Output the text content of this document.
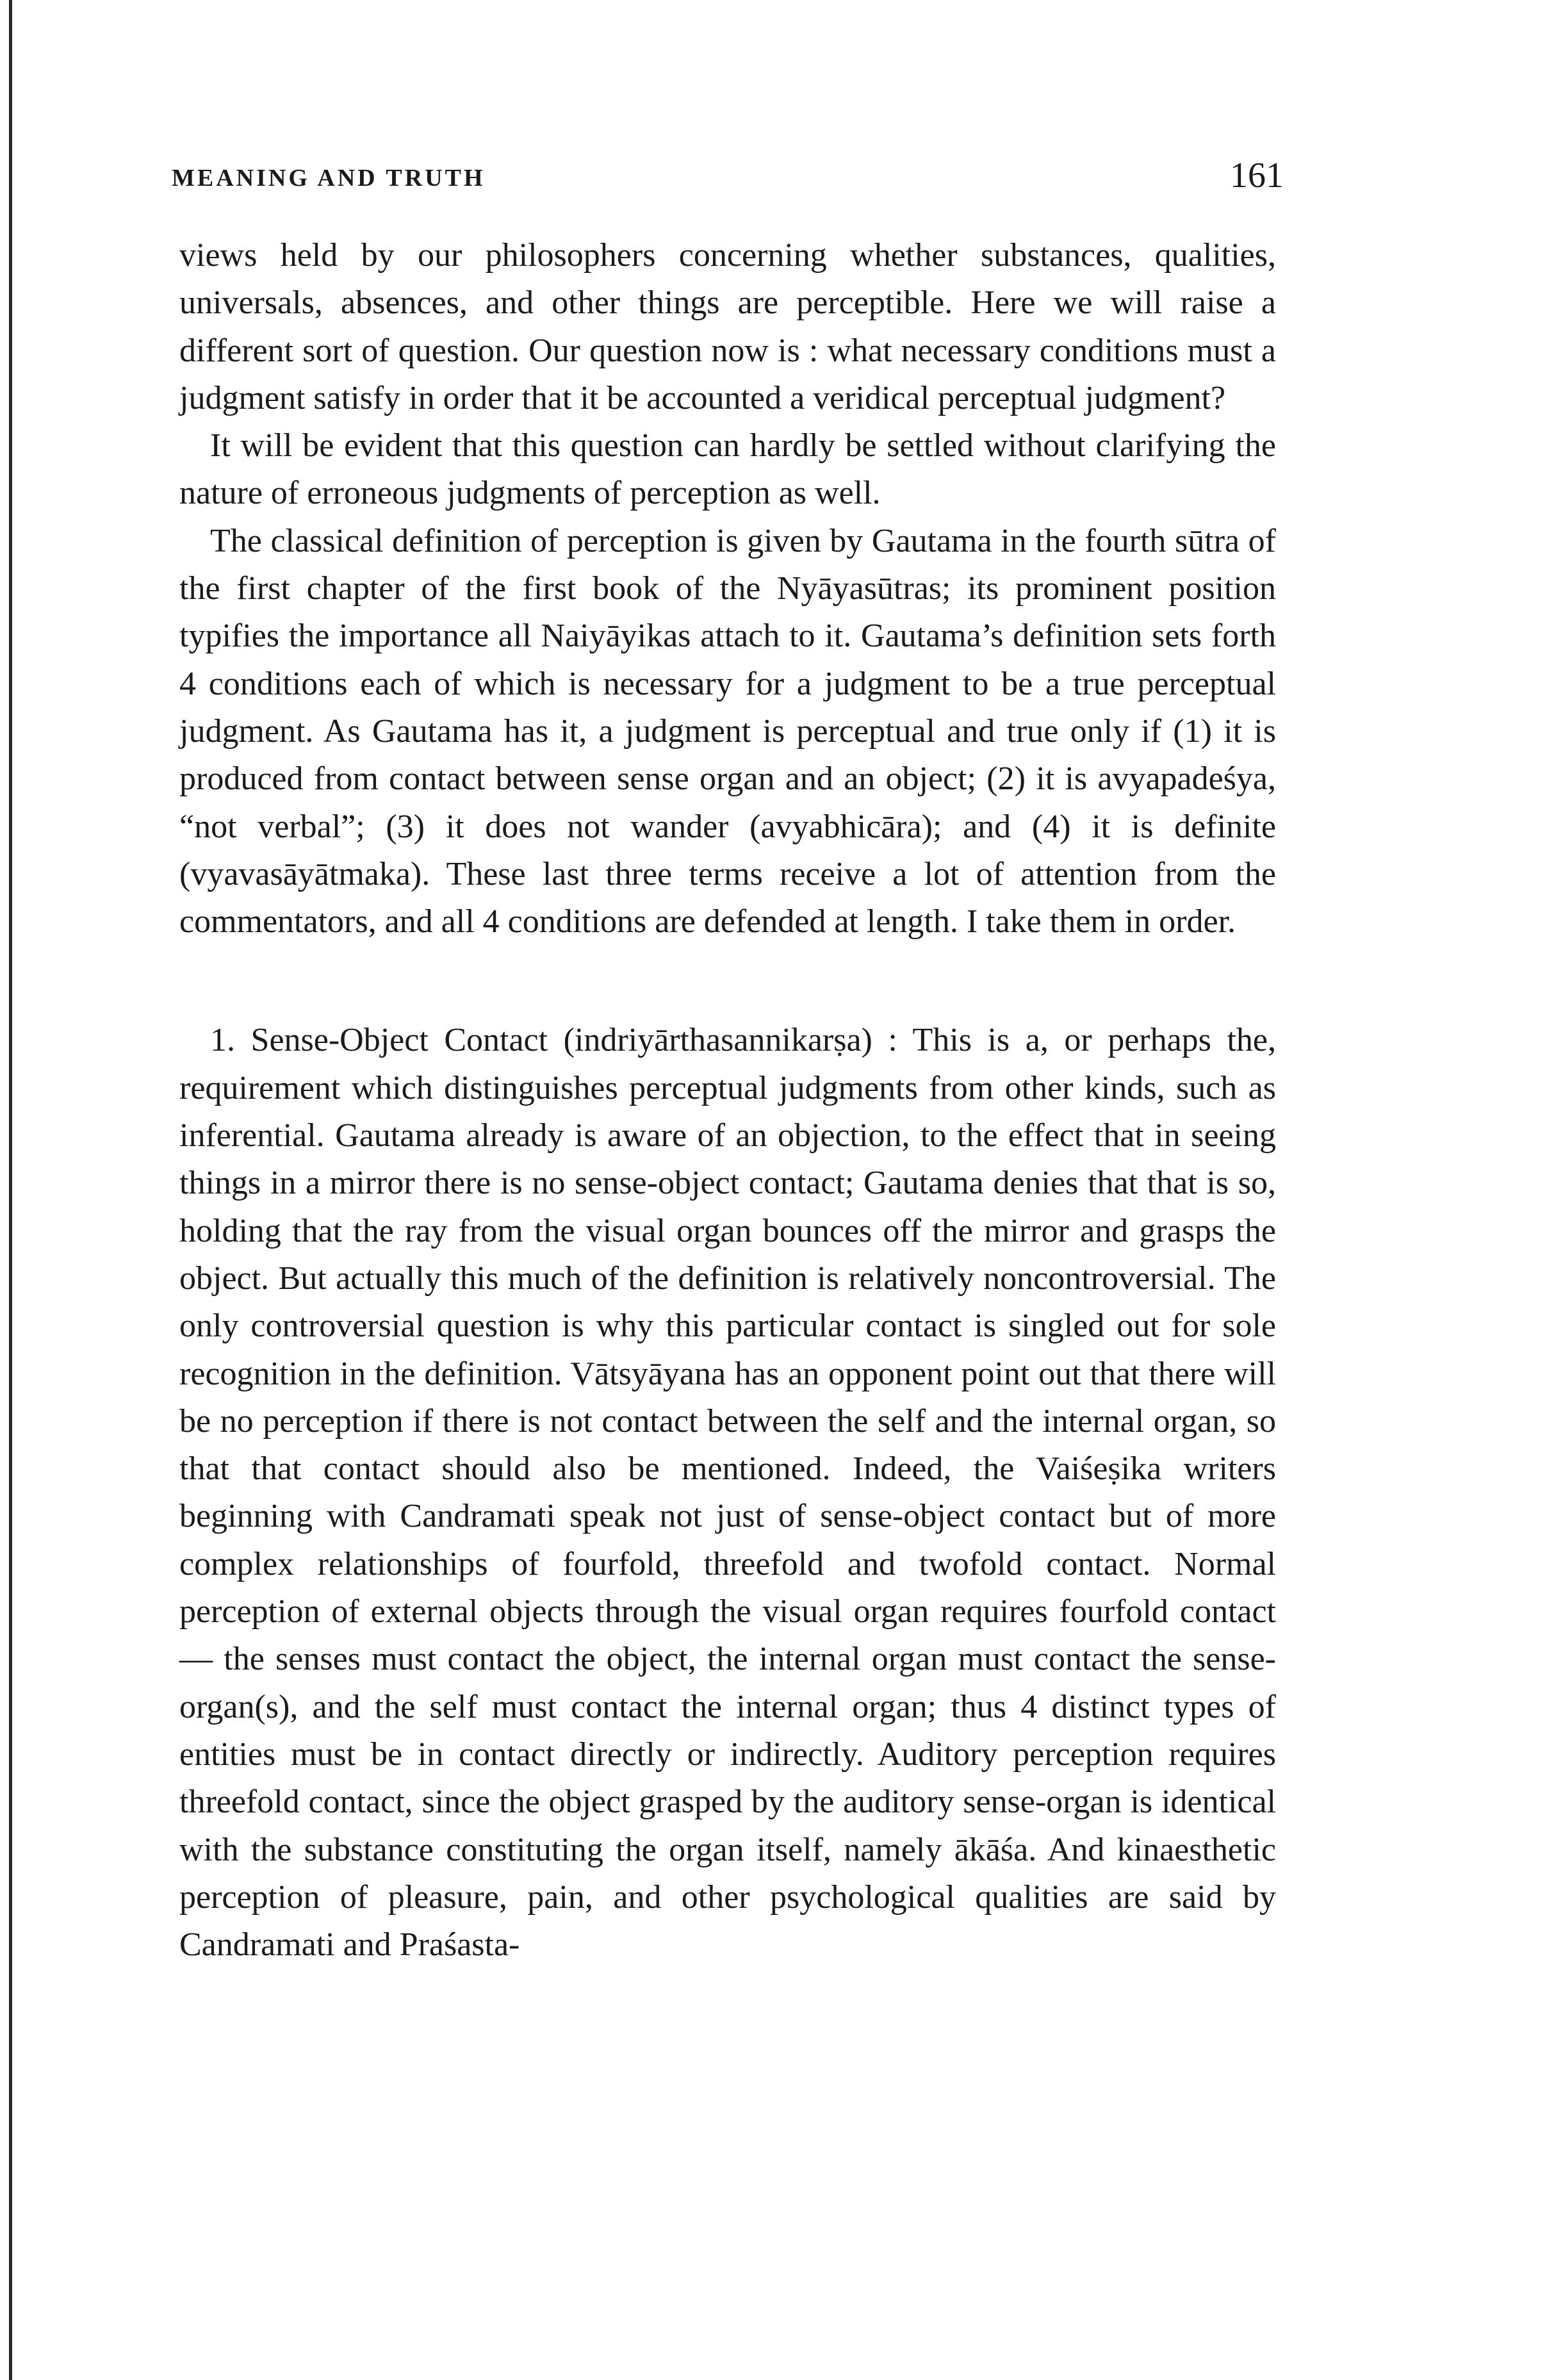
MEANING AND TRUTH	161

views held by our philosophers concerning whether substances, qualities, universals, absences, and other things are perceptible. Here we will raise a different sort of question. Our question now is : what necessary conditions must a judgment satisfy in order that it be accounted a veridical perceptual judgment?

It will be evident that this question can hardly be settled without clarifying the nature of erroneous judgments of perception as well.

The classical definition of perception is given by Gautama in the fourth sūtra of the first chapter of the first book of the Nyāyasūtras; its prominent position typifies the importance all Naiyāyikas attach to it. Gautama’s definition sets forth 4 conditions each of which is necessary for a judgment to be a true perceptual judgment. As Gautama has it, a judgment is perceptual and true only if (1) it is produced from contact between sense organ and an object; (2) it is avyapadeśya, “not verbal”; (3) it does not wander (avyabhicāra); and (4) it is definite (vyavasāyātmaka). These last three terms receive a lot of attention from the commentators, and all 4 conditions are defended at length. I take them in order.

1. Sense-Object Contact (indriyārthasannikarṣa) : This is a, or perhaps the, requirement which distinguishes perceptual judgments from other kinds, such as inferential. Gautama already is aware of an objection, to the effect that in seeing things in a mirror there is no sense-object contact; Gautama denies that that is so, holding that the ray from the visual organ bounces off the mirror and grasps the object. But actually this much of the definition is relatively noncontroversial. The only controversial question is why this particular contact is singled out for sole recognition in the definition. Vātsyāyana has an opponent point out that there will be no perception if there is not contact between the self and the internal organ, so that that contact should also be mentioned. Indeed, the Vaiśeṣika writers beginning with Candramati speak not just of sense-object contact but of more complex relationships of fourfold, threefold and twofold contact. Normal perception of external objects through the visual organ requires fourfold contact — the senses must contact the object, the internal organ must contact the sense-organ(s), and the self must contact the internal organ; thus 4 distinct types of entities must be in contact directly or indirectly. Auditory perception requires threefold contact, since the object grasped by the auditory sense-organ is identical with the substance constituting the organ itself, namely ākāśa. And kinaesthetic perception of pleasure, pain, and other psychological qualities are said by Candramati and Praśasta-
